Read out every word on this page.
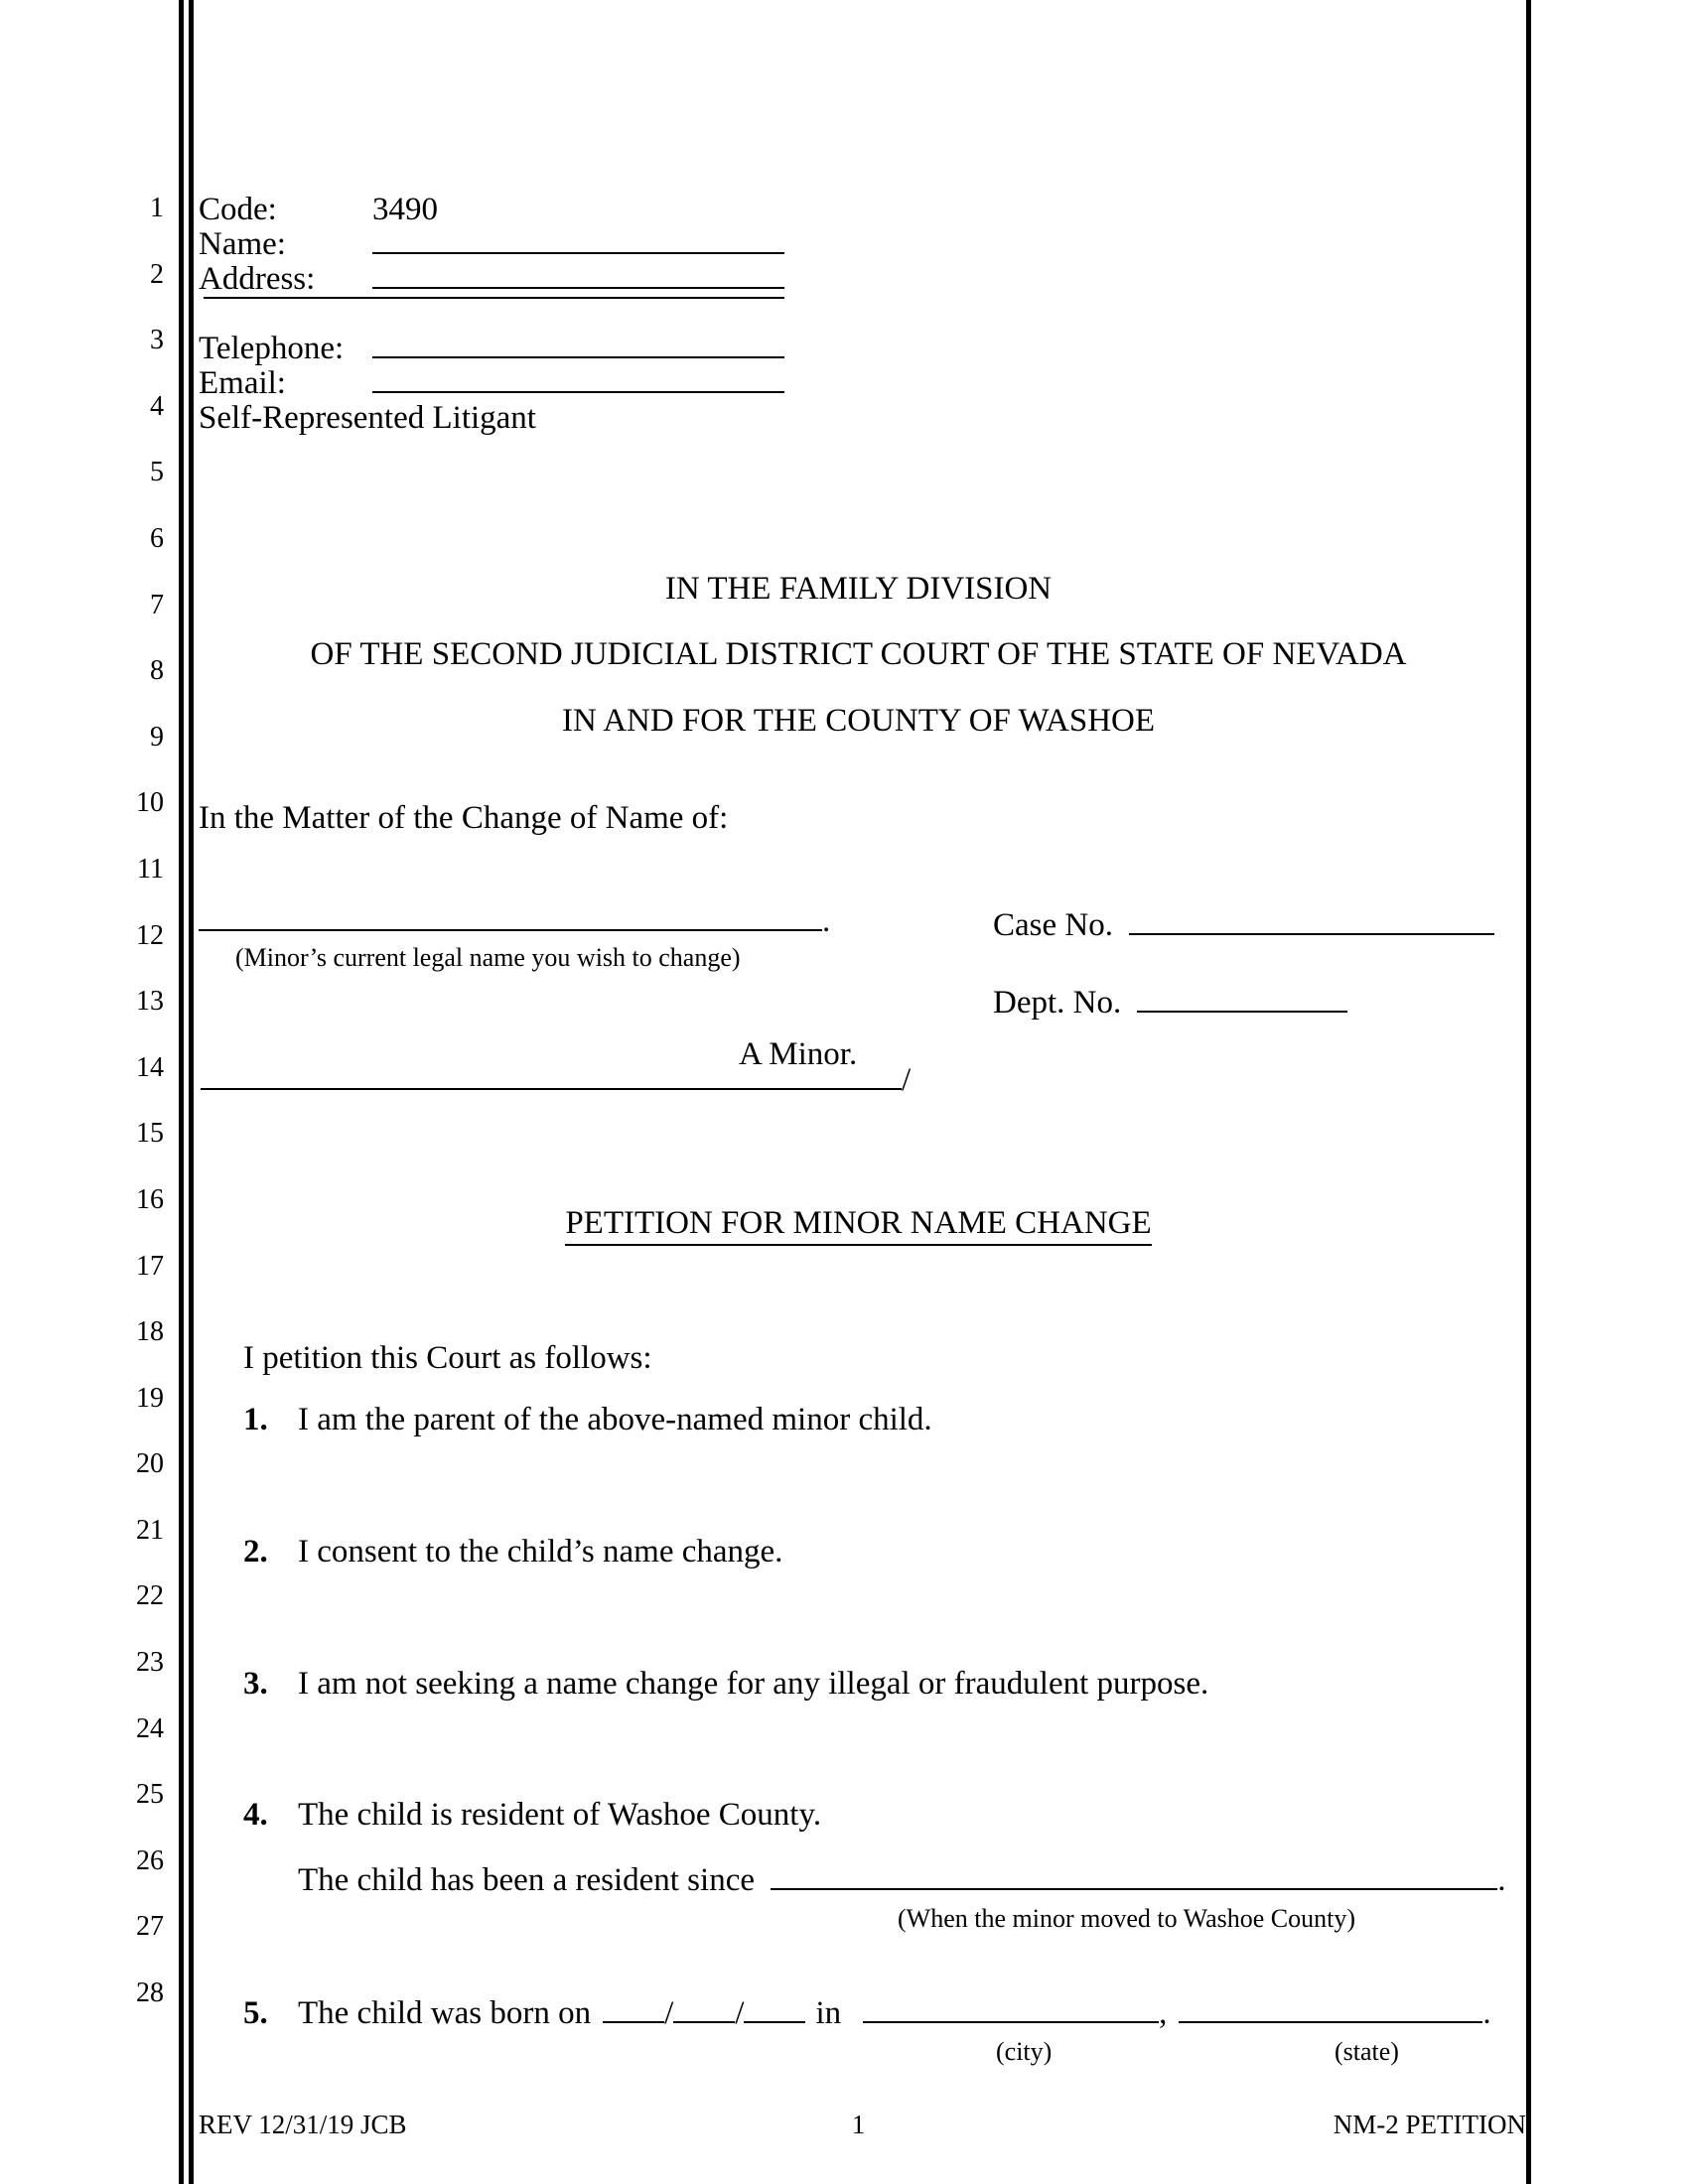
1
2
3
4
5
6
7
8
9
10
11
12
13
14
15
16
17
18
19
20
21
22
23
24
25
26
27
28
Code:	3490
Name:
Address:
Telephone:
Email:
Self-Represented Litigant
IN THE FAMILY DIVISION
OF THE SECOND JUDICIAL DISTRICT COURT OF THE STATE OF NEVADA
IN AND FOR THE COUNTY OF WASHOE
In the Matter of the Change of Name of:
.
(Minor’s current legal name you wish to change)
Case No.
Dept. No.
A Minor.
/
PETITION FOR MINOR NAME CHANGE
I petition this Court as follows:
1. I am the parent of the above-named minor child.
2. I consent to the child’s name change.
3. I am not seeking a name change for any illegal or fraudulent purpose.
4. The child is resident of Washoe County.
The child has been a resident since	.
(When the minor moved to Washoe County)
5. The child was born on / / in	,	.
(city)	(state)
REV 12/31/19 JCB	1	NM-2 PETITION
